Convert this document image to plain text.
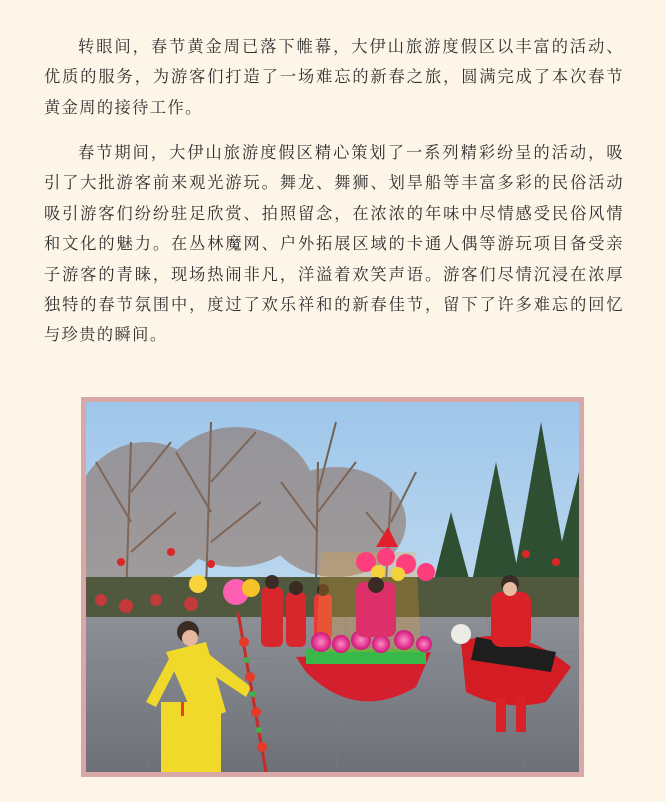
转眼间，春节黄金周已落下帷幕，大伊山旅游度假区以丰富的活动、优质的服务，为游客们打造了一场难忘的新春之旅，圆满完成了本次春节黄金周的接待工作。

春节期间，大伊山旅游度假区精心策划了一系列精彩纷呈的活动，吸引了大批游客前来观光游玩。舞龙、舞狮、划旱船等丰富多彩的民俗活动吸引游客们纷纷驻足欣赏、拍照留念，在浓浓的年味中尽情感受民俗风情和文化的魅力。在丛林魔网、户外拓展区域的卡通人偶等游玩项目备受亲子游客的青睐，现场热闹非凡，洋溢着欢笑声语。游客们尽情沉浸在浓厚独特的春节氛围中，度过了欢乐祥和的新春佳节，留下了许多难忘的回忆与珍贵的瞬间。
